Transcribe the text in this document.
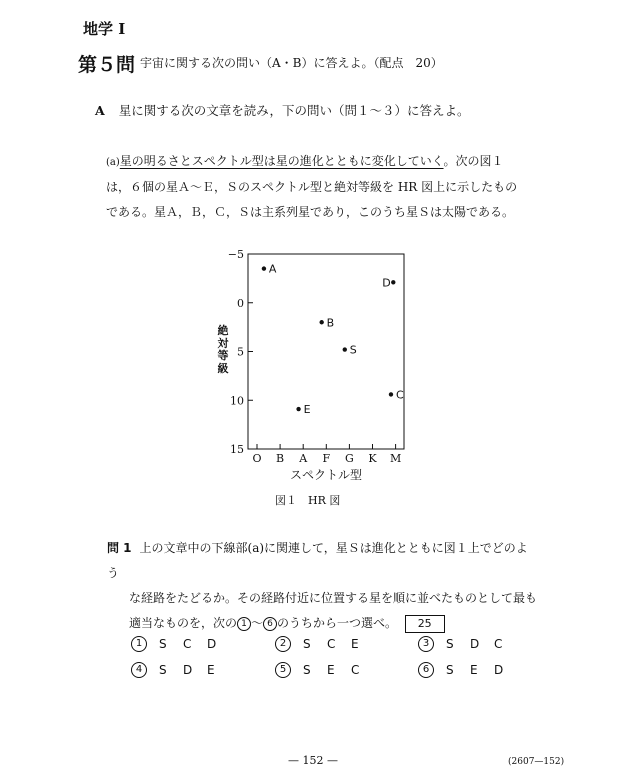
地学 I
第５問 宇宙に関する次の問い（A・B）に答えよ。（配点　20）
A 星に関する次の文章を読み，下の問い（問１〜３）に答えよ。
(a)星の明るさとスペクトル型は星の進化とともに変化していく。次の図１は，６個の星Ａ〜Ｅ，Ｓのスペクトル型と絶対等級を HR 図上に示したものである。星Ａ，Ｂ，Ｃ，Ｓは主系列星であり，このうち星Ｓは太陽である。
−5
0
5
10
15
O B A F G K M
A
B
C
D
E
S
絶対等級
スペクトル型
図１　HR 図
問 1 上の文章中の下線部(a)に関連して，星Ｓは進化とともに図１上でどのよう
な経路をたどるか。その経路付近に位置する星を順に並べたものとして最も
適当なものを，次の 1 〜 6 のうちから一つ選べ。 25
1 S C D	2 S C E	3 S D C
4 S D E	5 S E C	6 S E D
— 152 —	(2607—152)
